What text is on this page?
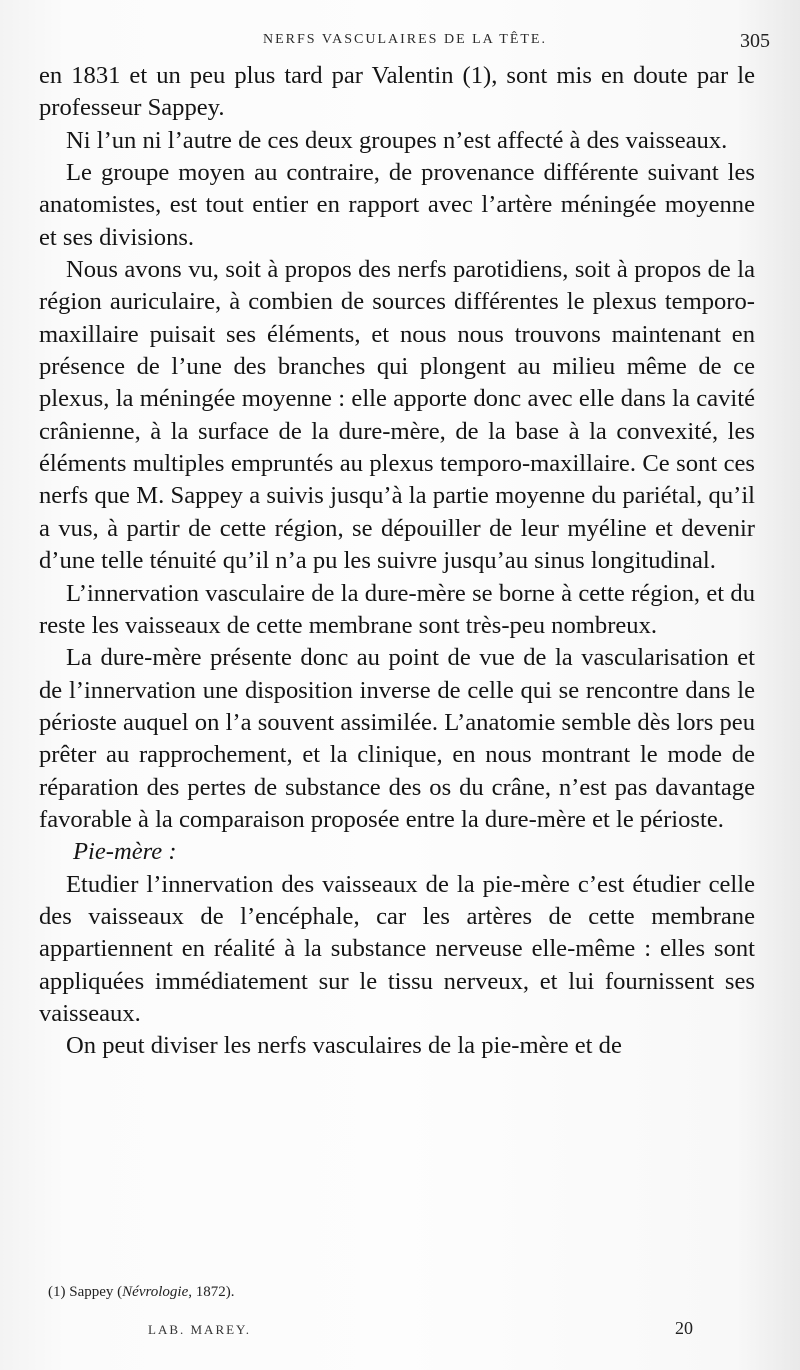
NERFS VASCULAIRES DE LA TÊTE.	305

en 1831 et un peu plus tard par Valentin (1), sont mis en doute par le professeur Sappey.

Ni l’un ni l’autre de ces deux groupes n’est affecté à des vaisseaux.

Le groupe moyen au contraire, de provenance différente suivant les anatomistes, est tout entier en rapport avec l’artère méningée moyenne et ses divisions.

Nous avons vu, soit à propos des nerfs parotidiens, soit à propos de la région auriculaire, à combien de sources différentes le plexus temporo-maxillaire puisait ses éléments, et nous nous trouvons maintenant en présence de l’une des branches qui plongent au milieu même de ce plexus, la méningée moyenne : elle apporte donc avec elle dans la cavité crânienne, à la surface de la dure-mère, de la base à la convexité, les éléments multiples empruntés au plexus temporo-maxillaire. Ce sont ces nerfs que M. Sappey a suivis jusqu’à la partie moyenne du pariétal, qu’il a vus, à partir de cette région, se dépouiller de leur myéline et devenir d’une telle ténuité qu’il n’a pu les suivre jusqu’au sinus longitudinal.

L’innervation vasculaire de la dure-mère se borne à cette région, et du reste les vaisseaux de cette membrane sont très-peu nombreux.

La dure-mère présente donc au point de vue de la vascularisation et de l’innervation une disposition inverse de celle qui se rencontre dans le périoste auquel on l’a souvent assimilée. L’anatomie semble dès lors peu prêter au rapprochement, et la clinique, en nous montrant le mode de réparation des pertes de substance des os du crâne, n’est pas davantage favorable à la comparaison proposée entre la dure-mère et le périoste.

Pie-mère :

Etudier l’innervation des vaisseaux de la pie-mère c’est étudier celle des vaisseaux de l’encéphale, car les artères de cette membrane appartiennent en réalité à la substance nerveuse elle-même : elles sont appliquées immédiatement sur le tissu nerveux, et lui fournissent ses vaisseaux.

On peut diviser les nerfs vasculaires de la pie-mère et de

(1) Sappey (Névrologie, 1872).
LAB. MAREY.	20
